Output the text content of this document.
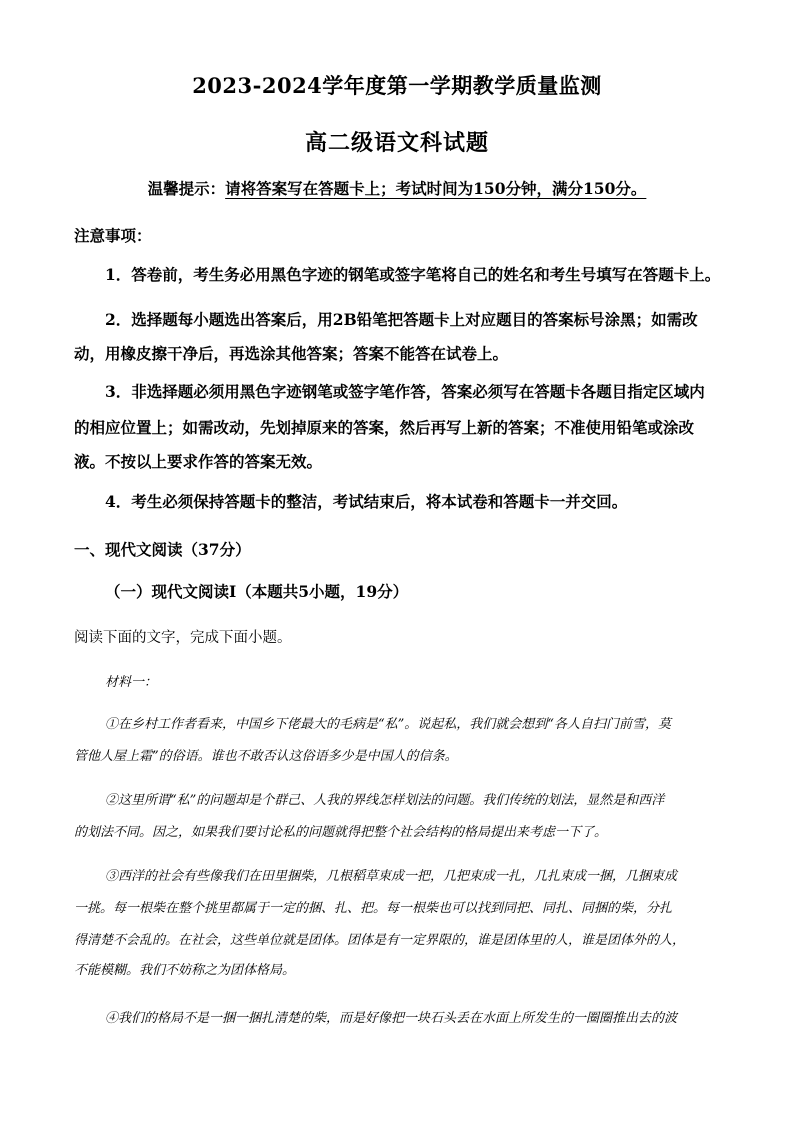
2023-2024学年度第一学期教学质量监测
高二级语文科试题
温馨提示：请将答案写在答题卡上；考试时间为150分钟，满分150分。
注意事项：
1．答卷前，考生务必用黑色字迹的钢笔或签字笔将自己的姓名和考生号填写在答题卡上。
2．选择题每小题选出答案后，用2B铅笔把答题卡上对应题目的答案标号涂黑；如需改
动，用橡皮擦干净后，再选涂其他答案；答案不能答在试卷上。
3．非选择题必须用黑色字迹钢笔或签字笔作答，答案必须写在答题卡各题目指定区域内
的相应位置上；如需改动，先划掉原来的答案，然后再写上新的答案；不准使用铅笔或涂改
液。不按以上要求作答的答案无效。
4．考生必须保持答题卡的整洁，考试结束后，将本试卷和答题卡一并交回。
一、现代文阅读（37分）
（一）现代文阅读Ⅰ（本题共5小题，19分）
阅读下面的文字，完成下面小题。
材料一：
①在乡村工作者看来，中国乡下佬最大的毛病是“私”。说起私，我们就会想到“各人自扫门前雪，莫
管他人屋上霜”的俗语。谁也不敢否认这俗语多少是中国人的信条。
②这里所谓“私”的问题却是个群己、人我的界线怎样划法的问题。我们传统的划法，显然是和西洋
的划法不同。因之，如果我们要讨论私的问题就得把整个社会结构的格局提出来考虑一下了。
③西洋的社会有些像我们在田里捆柴，几根稻草束成一把，几把束成一扎，几扎束成一捆，几捆束成
一挑。每一根柴在整个挑里都属于一定的捆、扎、把。每一根柴也可以找到同把、同扎、同捆的柴，分扎
得清楚不会乱的。在社会，这些单位就是团体。团体是有一定界限的，谁是团体里的人，谁是团体外的人，
不能模糊。我们不妨称之为团体格局。
④我们的格局不是一捆一捆扎清楚的柴，而是好像把一块石头丢在水面上所发生的一圈圈推出去的波
